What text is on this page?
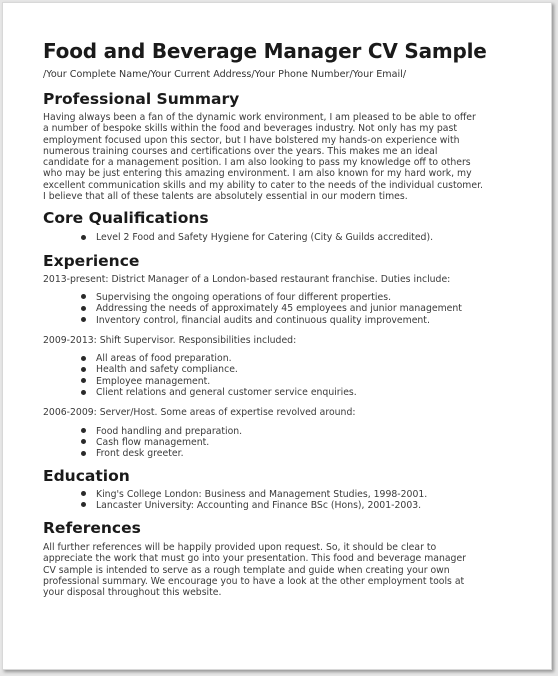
Food and Beverage Manager CV Sample
/Your Complete Name/Your Current Address/Your Phone Number/Your Email/
Professional Summary

Having always been a fan of the dynamic work environment, I am pleased to be able to offer

a number of bespoke skills within the food and beverages industry. Not only has my past

employment focused upon this sector, but I have bolstered my hands-on experience with

numerous training courses and certifications over the years. This makes me an ideal

candidate for a management position. I am also looking to pass my knowledge off to others

who may be just entering this amazing environment. I am also known for my hard work, my

excellent communication skills and my ability to cater to the needs of the individual customer.

I believe that all of these talents are absolutely essential in our modern times.

Core Qualifications
Level 2 Food and Safety Hygiene for Catering (City & Guilds accredited).
Experience

2013-present: District Manager of a London-based restaurant franchise. Duties include:

Supervising the ongoing operations of four different properties.
Addressing the needs of approximately 45 employees and junior management
Inventory control, financial audits and continuous quality improvement.

2009-2013: Shift Supervisor. Responsibilities included:

All areas of food preparation.
Health and safety compliance.
Employee management.
Client relations and general customer service enquiries.

2006-2009: Server/Host. Some areas of expertise revolved around:

Food handling and preparation.
Cash flow management.
Front desk greeter.
Education
King's College London: Business and Management Studies, 1998-2001.
Lancaster University: Accounting and Finance BSc (Hons), 2001-2003.
References

All further references will be happily provided upon request. So, it should be clear to

appreciate the work that must go into your presentation. This food and beverage manager

CV sample is intended to serve as a rough template and guide when creating your own

professional summary. We encourage you to have a look at the other employment tools at

your disposal throughout this website.
